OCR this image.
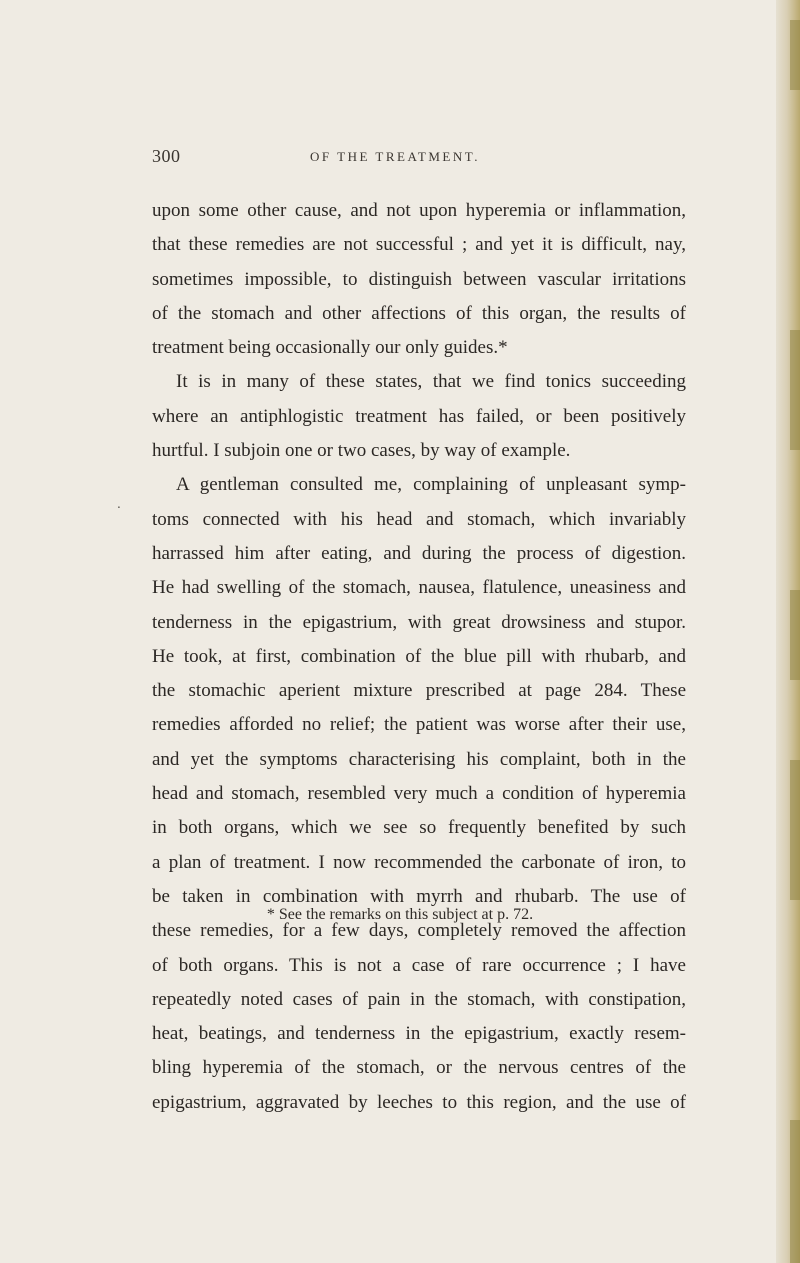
300	OF THE TREATMENT.
.
upon some other cause, and not upon hyperemia or inflammation,
that these remedies are not successful ; and yet it is difficult, nay,
sometimes impossible, to distinguish between vascular irritations
of the stomach and other affections of this organ, the results of
treatment being occasionally our only guides.*
It is in many of these states, that we find tonics succeeding
where an antiphlogistic treatment has failed, or been positively
hurtful. I subjoin one or two cases, by way of example.
A gentleman consulted me, complaining of unpleasant symp-
toms connected with his head and stomach, which invariably
harrassed him after eating, and during the process of digestion.
He had swelling of the stomach, nausea, flatulence, uneasiness and
tenderness in the epigastrium, with great drowsiness and stupor.
He took, at first, combination of the blue pill with rhubarb, and
the stomachic aperient mixture prescribed at page 284. These
remedies afforded no relief; the patient was worse after their use,
and yet the symptoms characterising his complaint, both in the
head and stomach, resembled very much a condition of hyperemia
in both organs, which we see so frequently benefited by such
a plan of treatment. I now recommended the carbonate of iron, to
be taken in combination with myrrh and rhubarb. The use of
these remedies, for a few days, completely removed the affection
of both organs. This is not a case of rare occurrence ; I have
repeatedly noted cases of pain in the stomach, with constipation,
heat, beatings, and tenderness in the epigastrium, exactly resem-
bling hyperemia of the stomach, or the nervous centres of the
epigastrium, aggravated by leeches to this region, and the use of
* See the remarks on this subject at p. 72.
